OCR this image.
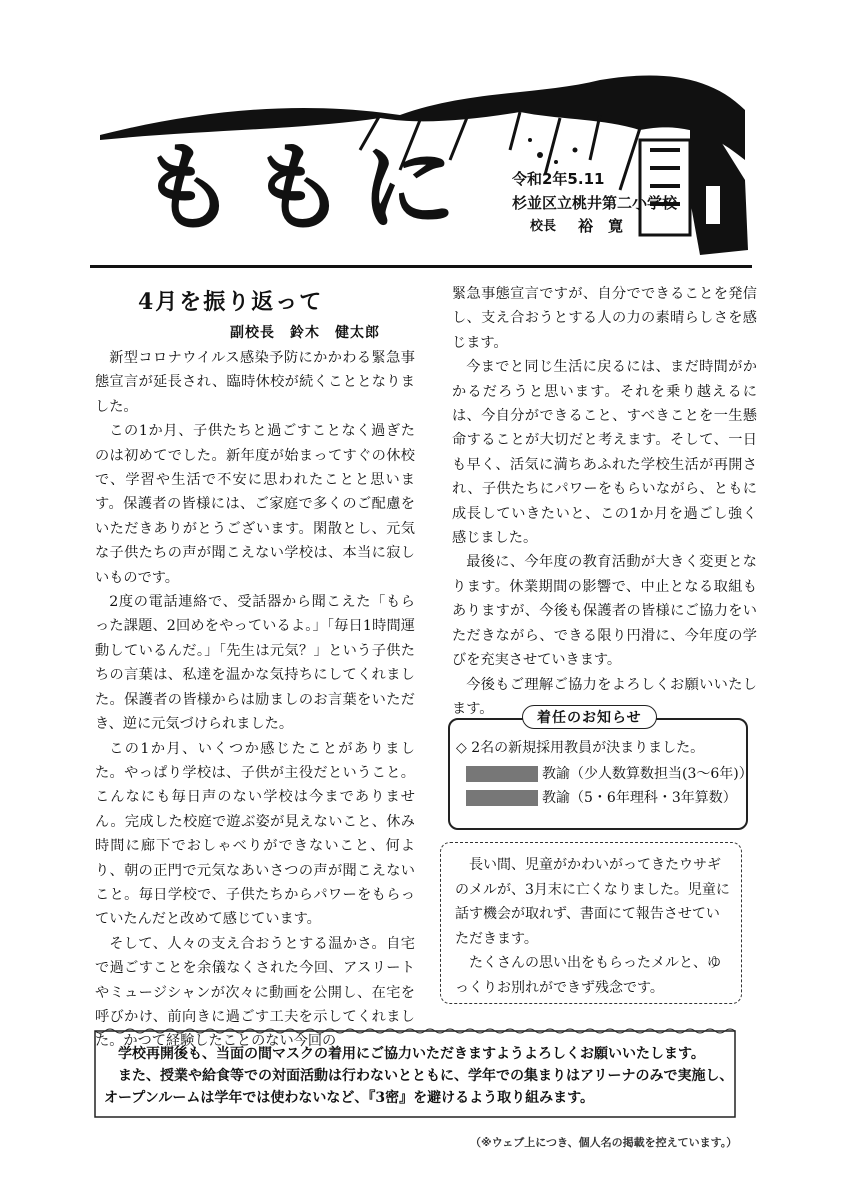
ももに	令和2年5.11
杉並区立桃井第二小学校
校長 裕　寛
4月を振り返って
副校長　鈴木　健太郎

新型コロナウイルス感染予防にかかわる緊急事態宣言が延長され、臨時休校が続くこととなりました。

この1か月、子供たちと過ごすことなく過ぎたのは初めてでした。新年度が始まってすぐの休校で、学習や生活で不安に思われたことと思います。保護者の皆様には、ご家庭で多くのご配慮をいただきありがとうございます。閑散とし、元気な子供たちの声が聞こえない学校は、本当に寂しいものです。

2度の電話連絡で、受話器から聞こえた「もらった課題、2回めをやっているよ。」「毎日1時間運動しているんだ。」「先生は元気？」という子供たちの言葉は、私達を温かな気持ちにしてくれました。保護者の皆様からは励ましのお言葉をいただき、逆に元気づけられました。

この1か月、いくつか感じたことがありました。やっぱり学校は、子供が主役だということ。こんなにも毎日声のない学校は今までありません。完成した校庭で遊ぶ姿が見えないこと、休み時間に廊下でおしゃべりができないこと、何より、朝の正門で元気なあいさつの声が聞こえないこと。毎日学校で、子供たちからパワーをもらっていたんだと改めて感じています。

そして、人々の支え合おうとする温かさ。自宅で過ごすことを余儀なくされた今回、アスリートやミュージシャンが次々に動画を公開し、在宅を呼びかけ、前向きに過ごす工夫を示してくれました。かつて経験したことのない今回の

緊急事態宣言ですが、自分でできることを発信し、支え合おうとする人の力の素晴らしさを感じます。

今までと同じ生活に戻るには、まだ時間がかかるだろうと思います。それを乗り越えるには、今自分ができること、すべきことを一生懸命することが大切だと考えます。そして、一日も早く、活気に満ちあふれた学校生活が再開され、子供たちにパワーをもらいながら、ともに成長していきたいと、この1か月を過ごし強く感じました。

最後に、今年度の教育活動が大きく変更となります。休業期間の影響で、中止となる取組もありますが、今後も保護者の皆様にご協力をいただきながら、できる限り円滑に、今年度の学びを充実させていきます。

今後もご理解ご協力をよろしくお願いいたします。

着任のお知らせ
◇ 2名の新規採用教員が決まりました。
教諭（少人数算数担当(3～6年)）
教諭（5・6年理科・3年算数）

長い間、児童がかわいがってきたウサギのメルが、3月末に亡くなりました。児童に話す機会が取れず、書面にて報告させていただきます。

たくさんの思い出をもらったメルと、ゆっくりお別れができず残念です。

学校再開後も、当面の間マスクの着用にご協力いただきますようよろしくお願いいたします。

また、授業や給食等での対面活動は行わないとともに、学年での集まりはアリーナのみで実施し、オープンルームは学年では使わないなど、『3密』を避けるよう取り組みます。

（※ウェブ上につき、個人名の掲載を控えています。）
